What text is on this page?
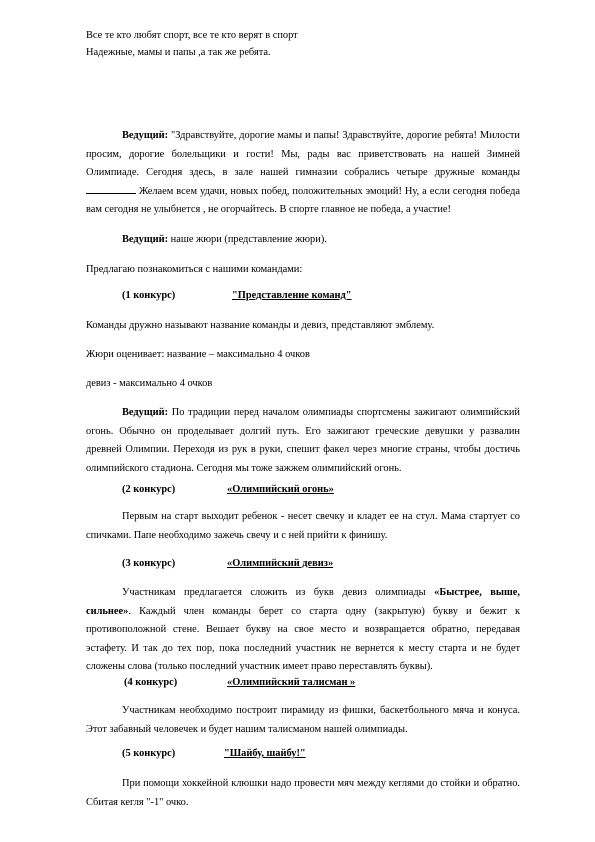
Все те кто любят спорт, все те кто верят в спорт
Надежные, мамы и папы ,а так же ребята.
Ведущий: "Здравствуйте, дорогие мамы и папы! Здравствуйте, дорогие ребята! Милости просим, дорогие болельщики и гости! Мы, рады вас приветствовать на нашей Зимней Олимпиаде. Сегодня здесь, в зале нашей гимназии собрались четыре дружные команды Желаем всем удачи, новых побед, положительных эмоций! Ну, а если сегодня победа вам сегодня не улыбнется , не огорчайтесь. В спорте главное не победа, а участие!
Ведущий: наше жюри (представление жюри).
Предлагаю познакомиться с нашими командами:
(1 конкурс)	"Представление команд"
Команды дружно называют название команды и девиз, представляют эмблему.
Жюри оценивает: название – максимально 4 очков
девиз - максимально 4 очков
Ведущий: По традиции перед началом олимпиады спортсмены зажигают олимпийский огонь. Обычно он проделывает долгий путь. Его зажигают греческие девушки у развалин древней Олимпии. Переходя из рук в руки, спешит факел через многие страны, чтобы достичь олимпийского стадиона. Сегодня мы тоже зажжем олимпийский огонь.
(2 конкурс)	«Олимпийский огонь»
Первым на старт выходит ребенок - несет свечку и кладет ее на стул. Мама стартует со спичками. Папе необходимо зажечь свечу и с ней прийти к финишу.
(3 конкурс)	«Олимпийский девиз»
Участникам предлагается сложить из букв девиз олимпиады «Быстрее, выше, сильнее». Каждый член команды берет со старта одну (закрытую) букву и бежит к противоположной стене. Вешает букву на свое место и возвращается обратно, передавая эстафету. И так до тех пор, пока последний участник не вернется к месту старта и не будет сложены слова (только последний участник имеет право переставлять буквы).
(4 конкурс)	«Олимпийский талисман »
Участникам необходимо построит пирамиду из фишки, баскетбольного мяча и конуса. Этот забавный человечек и будет нашим талисманом нашей олимпиады.
(5 конкурс)	"Шайбу, шайбу!"
При помощи хоккейной клюшки надо провести мяч между кеглями до стойки и обратно. Сбитая кегля "-1" очко.
